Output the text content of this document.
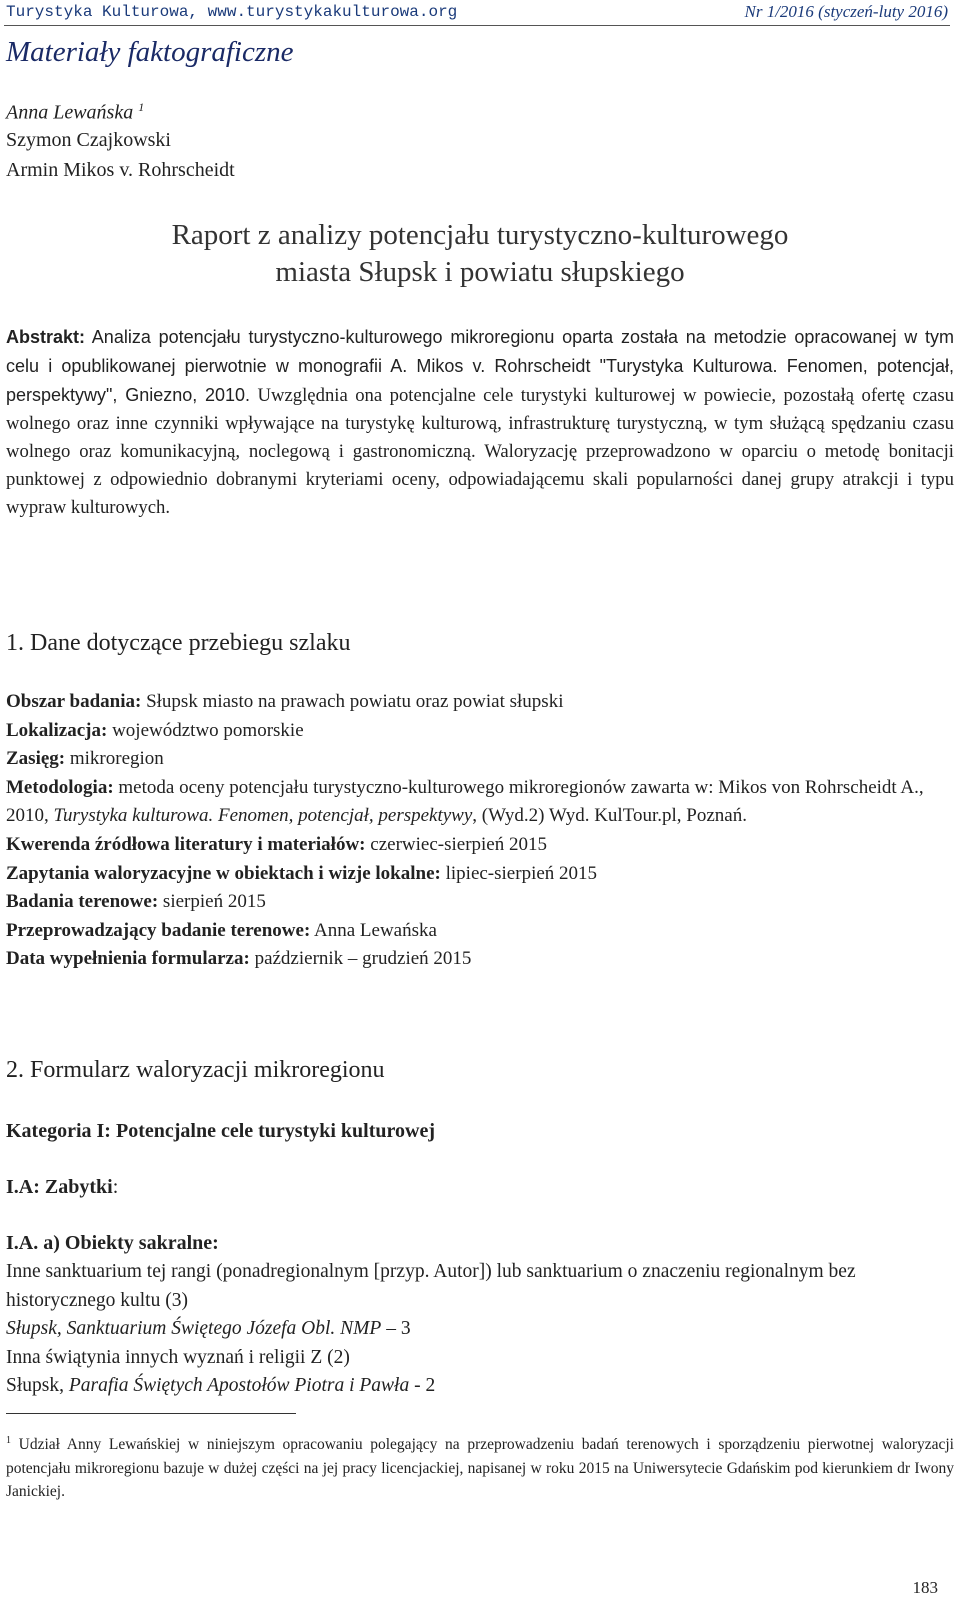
Turystyka Kulturowa, www.turystykakulturowa.org	Nr 1/2016 (styczeń-luty 2016)
Materiały faktograficzne
Anna Lewańska $^1$
Szymon Czajkowski
Armin Mikos v. Rohrscheidt
Raport z analizy potencjału turystyczno-kulturowego
miasta Słupsk i powiatu słupskiego
Abstrakt: Analiza potencjału turystyczno-kulturowego mikroregionu oparta została na metodzie opracowanej w tym celu i opublikowanej pierwotnie w monografii A. Mikos v. Rohrscheidt "Turystyka Kulturowa. Fenomen, potencjał, perspektywy", Gniezno, 2010. Uwzględnia ona potencjalne cele turystyki kulturowej w powiecie, pozostałą ofertę czasu wolnego oraz inne czynniki wpływające na turystykę kulturową, infrastrukturę turystyczną, w tym służącą spędzaniu czasu wolnego oraz komunikacyjną, noclegową i gastronomiczną. Waloryzację przeprowadzono w oparciu o metodę bonitacji punktowej z odpowiednio dobranymi kryteriami oceny, odpowiadającemu skali popularności danej grupy atrakcji i typu wypraw kulturowych.
1. Dane dotyczące przebiegu szlaku

Obszar badania: Słupsk miasto na prawach powiatu oraz powiat słupski

Lokalizacja: województwo pomorskie

Zasięg: mikroregion

Metodologia: metoda oceny potencjału turystyczno-kulturowego mikroregionów zawarta w: Mikos von Rohrscheidt A., 2010, Turystyka kulturowa. Fenomen, potencjał, perspektywy, (Wyd.2) Wyd. KulTour.pl, Poznań.

Kwerenda źródłowa literatury i materiałów: czerwiec-sierpień 2015

Zapytania waloryzacyjne w obiektach i wizje lokalne: lipiec-sierpień 2015

Badania terenowe: sierpień 2015

Przeprowadzający badanie terenowe: Anna Lewańska

Data wypełnienia formularza: październik – grudzień 2015

2. Formularz waloryzacji mikroregionu
Kategoria I: Potencjalne cele turystyki kulturowej
I.A: Zabytki:
I.A. a) Obiekty sakralne:

Inne sanktuarium tej rangi (ponadregionalnym [przyp. Autor]) lub sanktuarium o znaczeniu regionalnym bez historycznego kultu (3)

Słupsk, Sanktuarium Świętego Józefa Obl. NMP – 3

Inna świątynia innych wyznań i religii Z (2)

Słupsk, Parafia Świętych Apostołów Piotra i Pawła - 2

$^1$ Udział Anny Lewańskiej w niniejszym opracowaniu polegający na przeprowadzeniu badań terenowych i sporządzeniu pierwotnej waloryzacji potencjału mikroregionu bazuje w dużej części na jej pracy licencjackiej, napisanej w roku 2015 na Uniwersytecie Gdańskim pod kierunkiem dr Iwony Janickiej.
183
